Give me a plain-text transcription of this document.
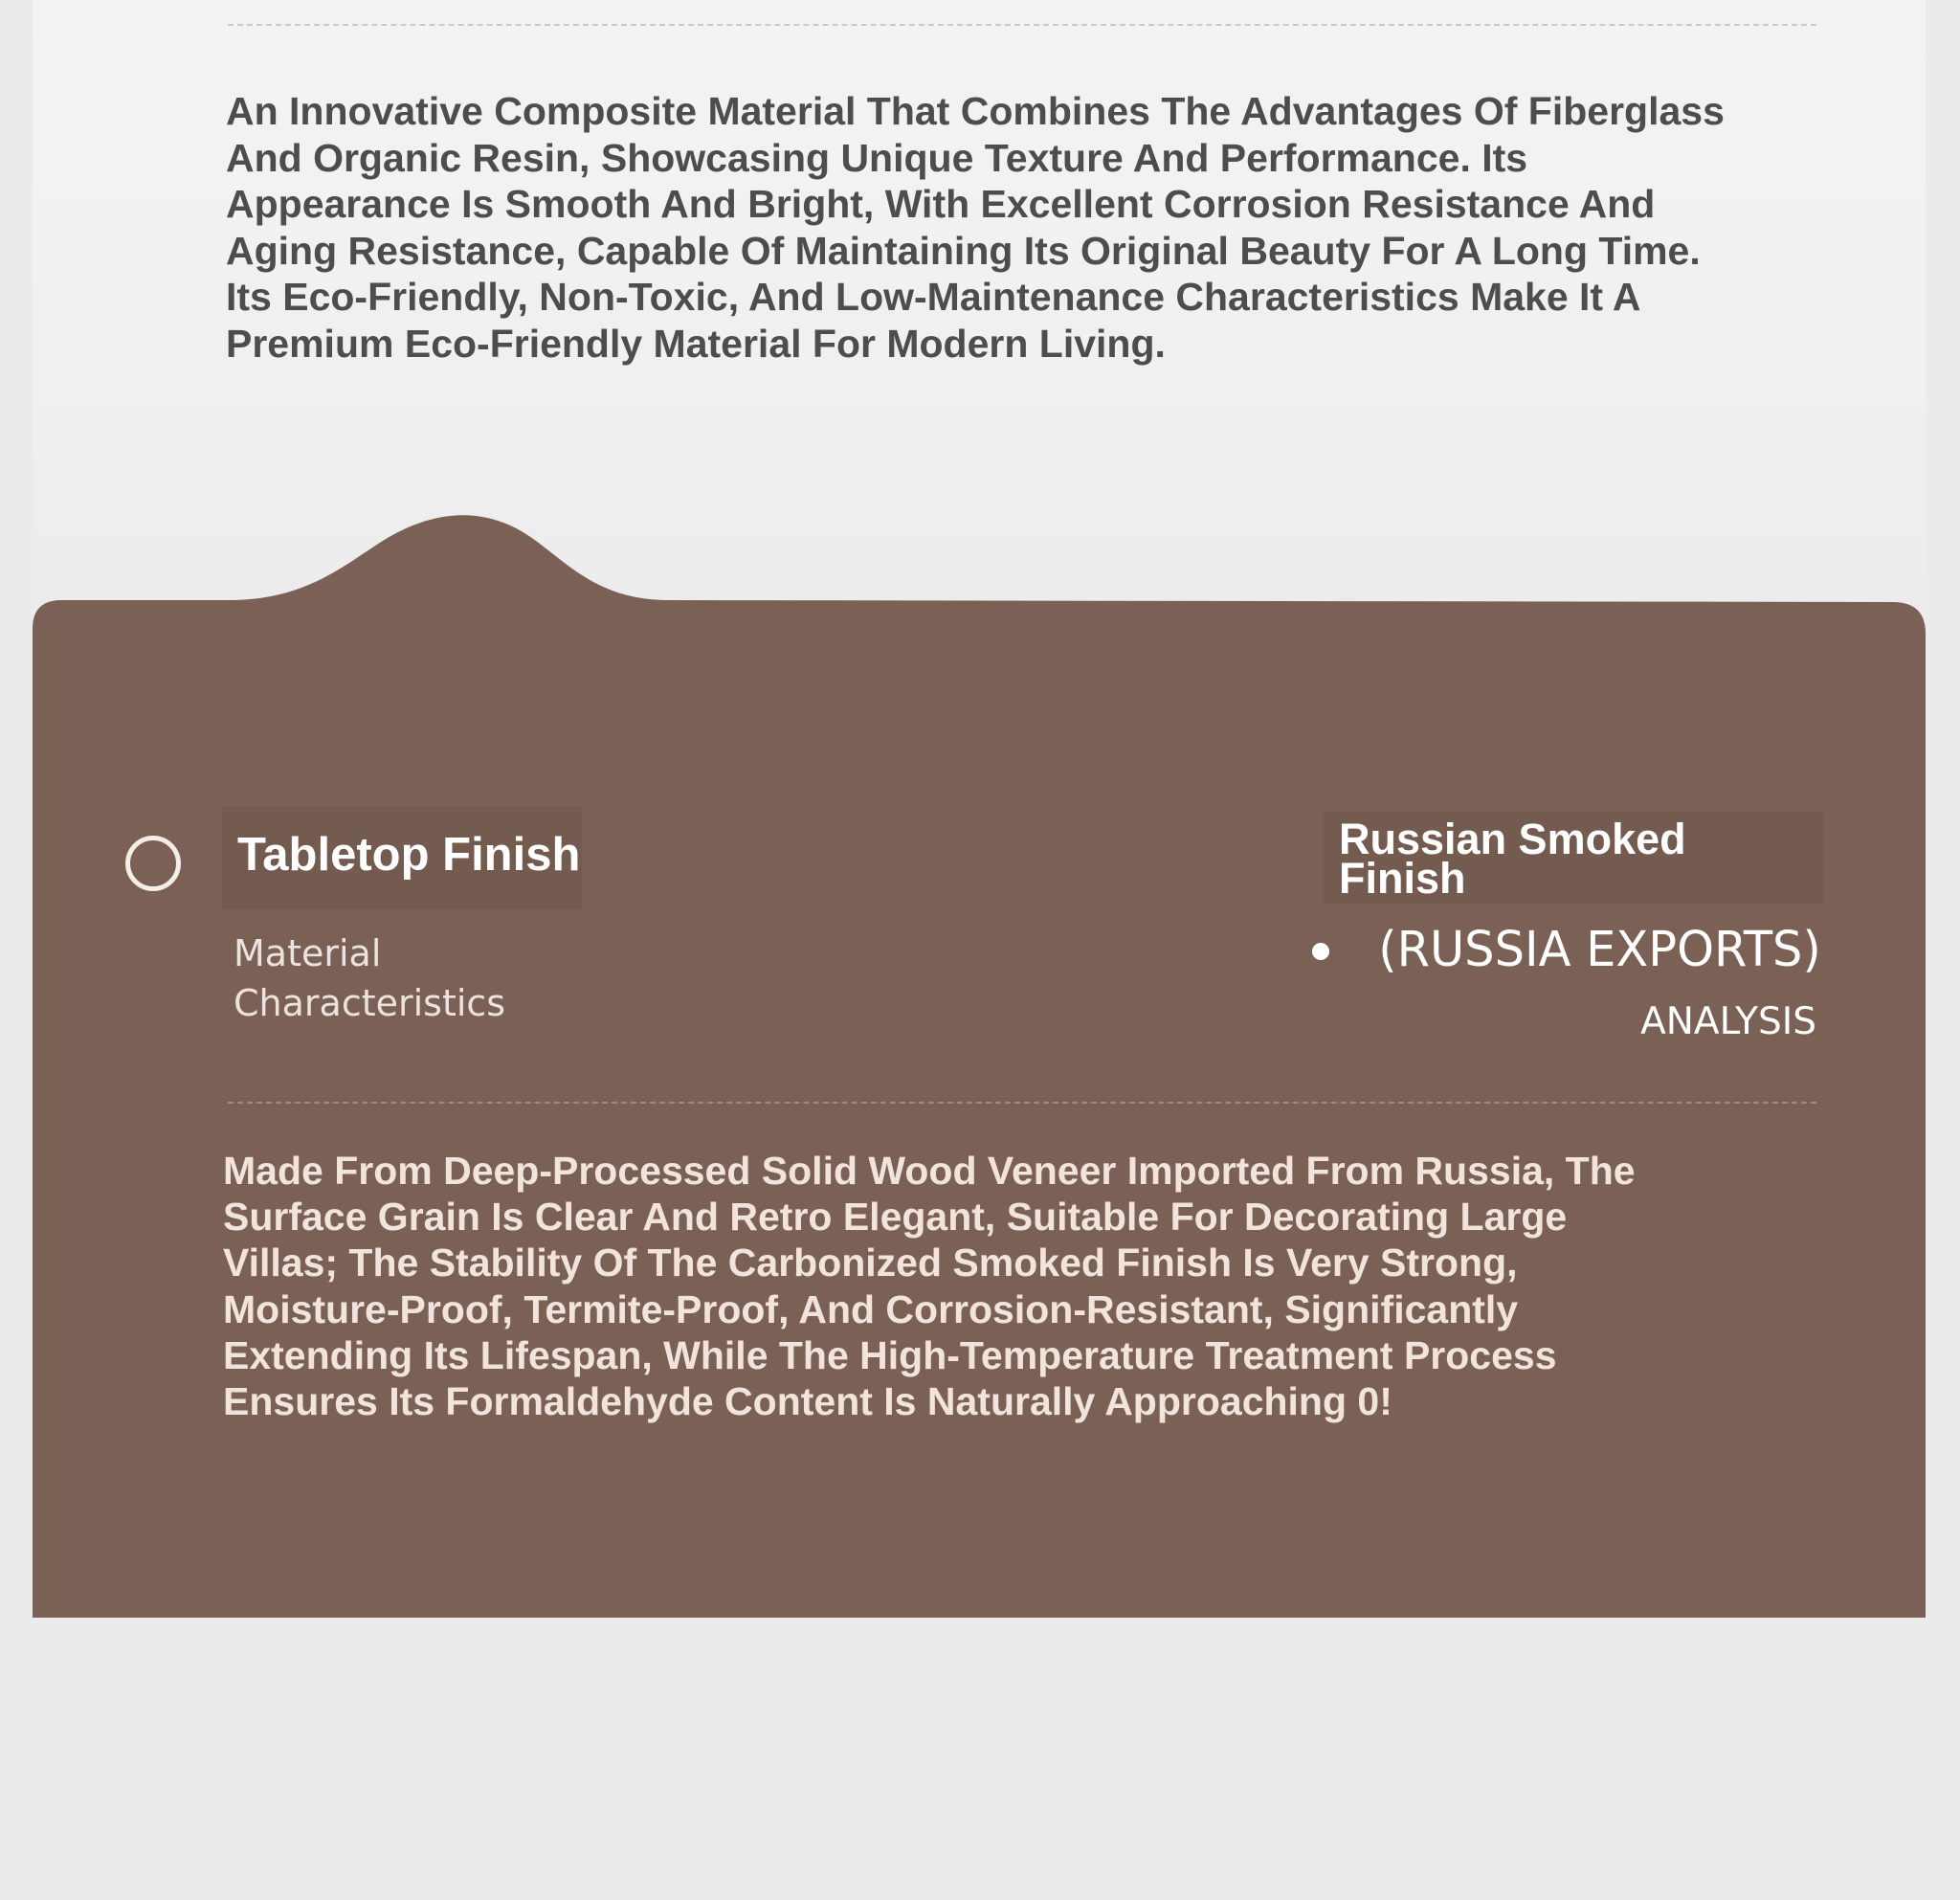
An Innovative Composite Material That Combines The Advantages Of Fiberglass And Organic Resin, Showcasing Unique Texture And Performance. Its Appearance Is Smooth And Bright, With Excellent Corrosion Resistance And Aging Resistance, Capable Of Maintaining Its Original Beauty For A Long Time. Its Eco-Friendly, Non-Toxic, And Low-Maintenance Characteristics Make It A Premium Eco-Friendly Material For Modern Living.

Tabletop Finish

Material Characteristics

Russian Smoked Finish
(RUSSIA EXPORTS)
ANALYSIS

Made From Deep-Processed Solid Wood Veneer Imported From Russia, The Surface Grain Is Clear And Retro Elegant, Suitable For Decorating Large Villas; The Stability Of The Carbonized Smoked Finish Is Very Strong, Moisture-Proof, Termite-Proof, And Corrosion-Resistant, Significantly Extending Its Lifespan, While The High-Temperature Treatment Process Ensures Its Formaldehyde Content Is Naturally Approaching 0!
